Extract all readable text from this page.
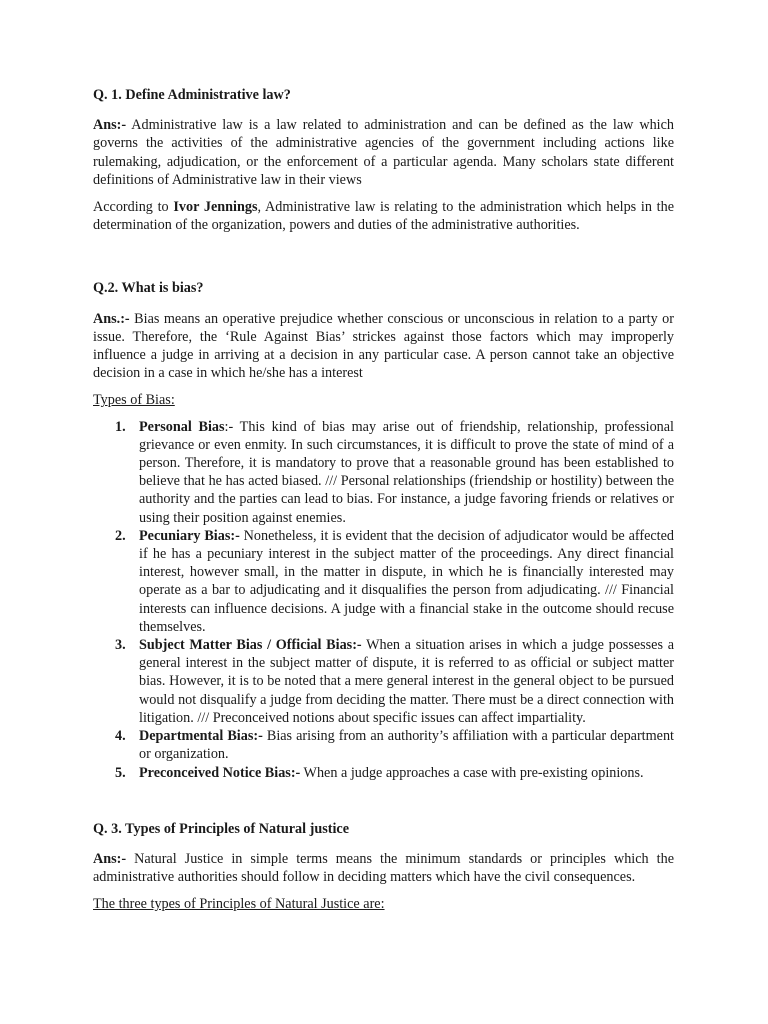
Q. 1. Define Administrative law?

Ans:- Administrative law is a law related to administration and can be defined as the law which governs the activities of the administrative agencies of the government including actions like rulemaking, adjudication, or the enforcement of a particular agenda. Many scholars state different definitions of Administrative law in their views

According to Ivor Jennings, Administrative law is relating to the administration which helps in the determination of the organization, powers and duties of the administrative authorities.

Q.2. What is bias?

Ans.:- Bias means an operative prejudice whether conscious or unconscious in relation to a party or issue. Therefore, the ‘Rule Against Bias’ strickes against those factors which may improperly influence a judge in arriving at a decision in any particular case. A person cannot take an objective decision in a case in which he/she has a interest

Types of Bias:

1. Personal Bias:- This kind of bias may arise out of friendship, relationship, professional grievance or even enmity. In such circumstances, it is difficult to prove the state of mind of a person. Therefore, it is mandatory to prove that a reasonable ground has been established to believe that he has acted biased. /// Personal relationships (friendship or hostility) between the authority and the parties can lead to bias. For instance, a judge favoring friends or relatives or using their position against enemies.
2. Pecuniary Bias:- Nonetheless, it is evident that the decision of adjudicator would be affected if he has a pecuniary interest in the subject matter of the proceedings. Any direct financial interest, however small, in the matter in dispute, in which he is financially interested may operate as a bar to adjudicating and it disqualifies the person from adjudicating. /// Financial interests can influence decisions. A judge with a financial stake in the outcome should recuse themselves.
3. Subject Matter Bias / Official Bias:- When a situation arises in which a judge possesses a general interest in the subject matter of dispute, it is referred to as official or subject matter bias. However, it is to be noted that a mere general interest in the general object to be pursued would not disqualify a judge from deciding the matter. There must be a direct connection with litigation. /// Preconceived notions about specific issues can affect impartiality.
4. Departmental Bias:- Bias arising from an authority’s affiliation with a particular department or organization.
5. Preconceived Notice Bias:- When a judge approaches a case with pre-existing opinions.
Q. 3. Types of Principles of Natural justice

Ans:- Natural Justice in simple terms means the minimum standards or principles which the administrative authorities should follow in deciding matters which have the civil consequences.

The three types of Principles of Natural Justice are:
